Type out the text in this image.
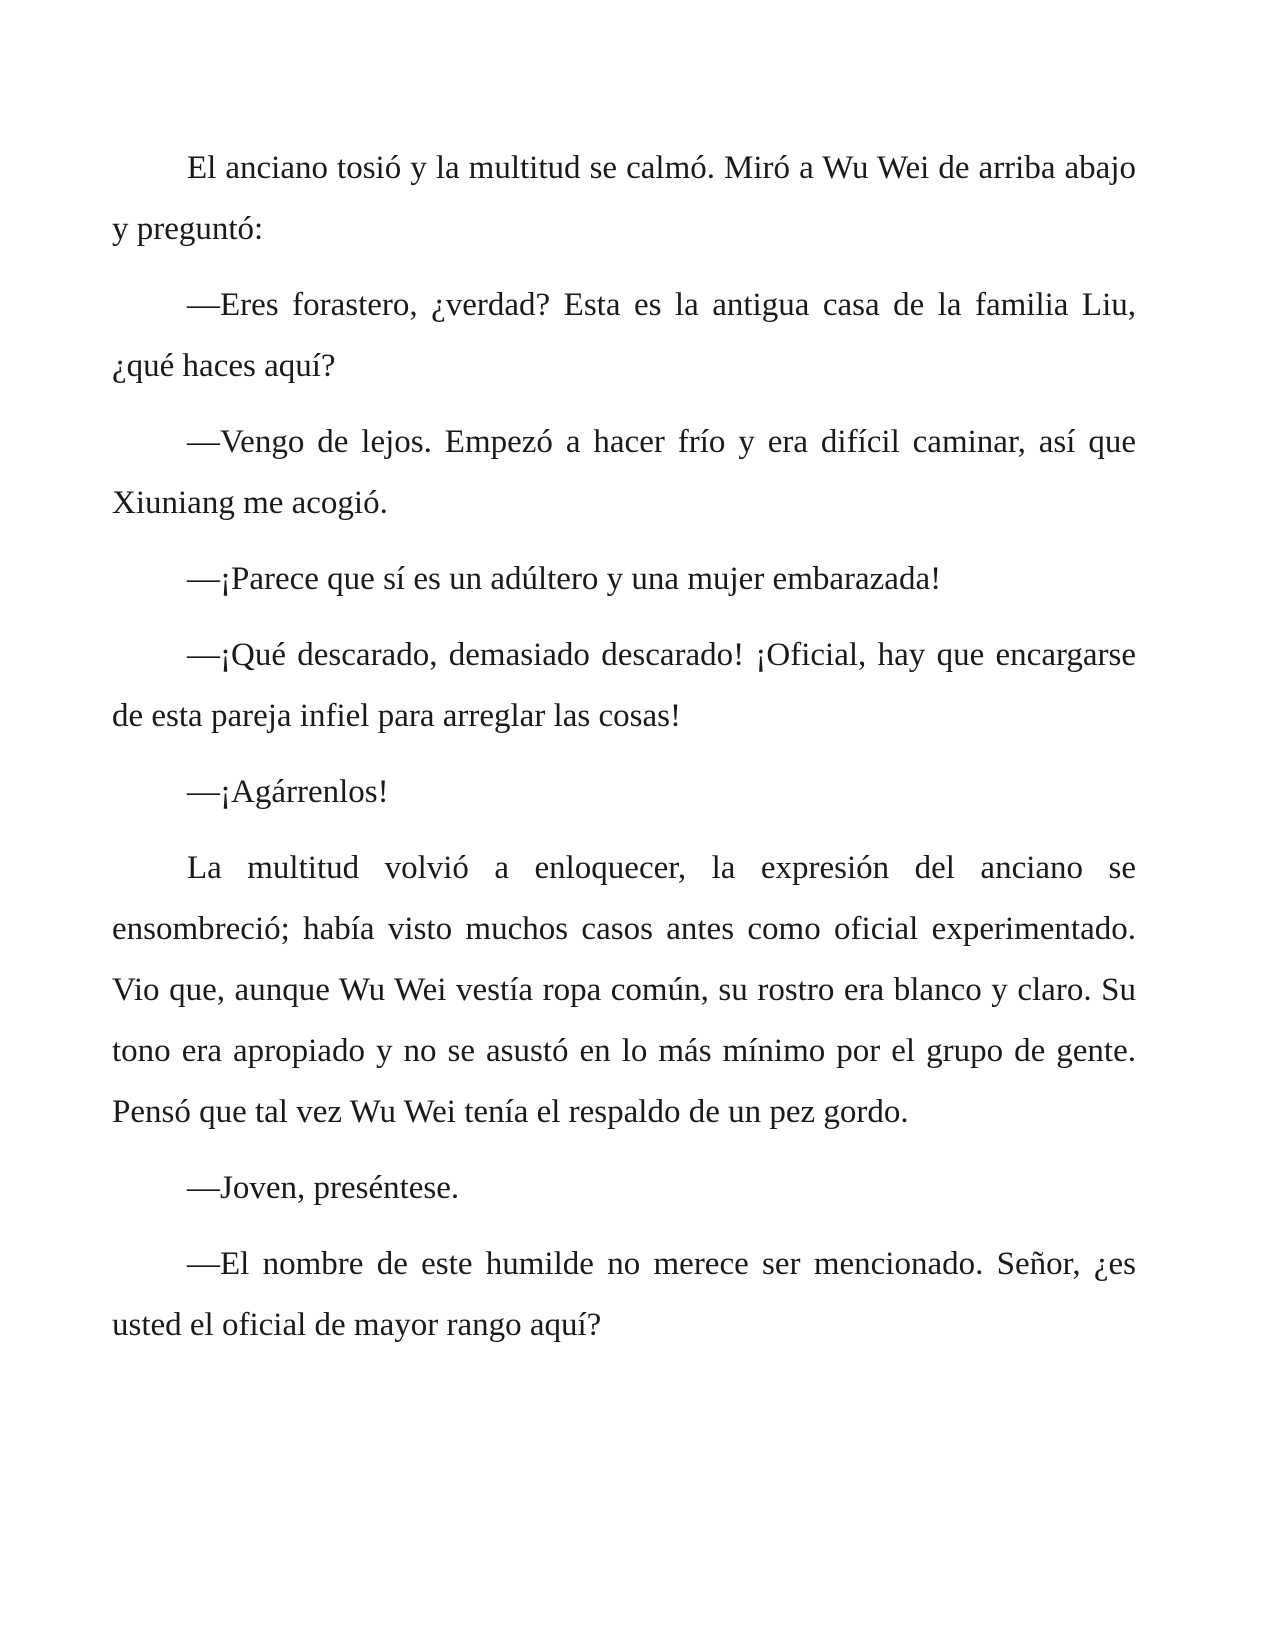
El anciano tosió y la multitud se calmó. Miró a Wu Wei de arriba abajo y preguntó:

—Eres forastero, ¿verdad? Esta es la antigua casa de la familia Liu, ¿qué haces aquí?

—Vengo de lejos. Empezó a hacer frío y era difícil caminar, así que Xiuniang me acogió.

—¡Parece que sí es un adúltero y una mujer embarazada!

—¡Qué descarado, demasiado descarado! ¡Oficial, hay que encargarse de esta pareja infiel para arreglar las cosas!

—¡Agárrenlos!

La multitud volvió a enloquecer, la expresión del anciano se ensombreció; había visto muchos casos antes como oficial experimentado. Vio que, aunque Wu Wei vestía ropa común, su rostro era blanco y claro. Su tono era apropiado y no se asustó en lo más mínimo por el grupo de gente. Pensó que tal vez Wu Wei tenía el respaldo de un pez gordo.

—Joven, preséntese.

—El nombre de este humilde no merece ser mencionado. Señor, ¿es usted el oficial de mayor rango aquí?
